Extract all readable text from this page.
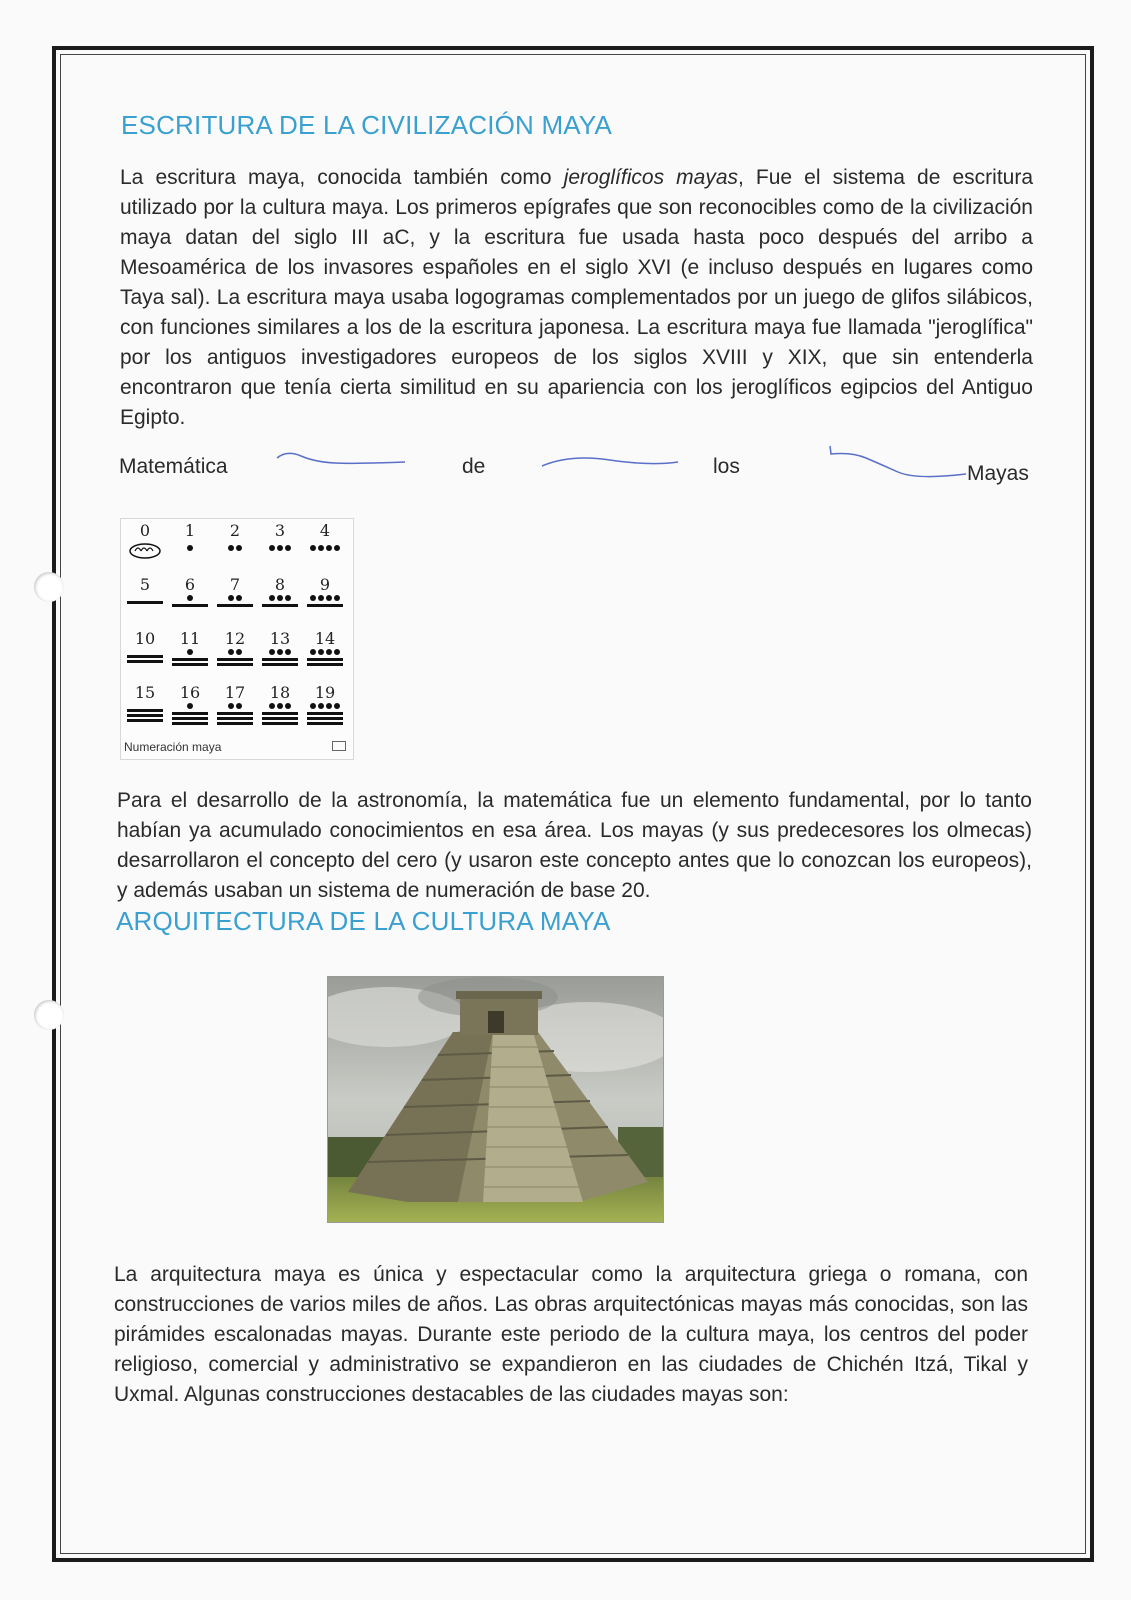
ESCRITURA DE LA CIVILIZACIÓN MAYA

La escritura maya, conocida también como jeroglíficos mayas, Fue el sistema de escritura utilizado por la cultura maya. Los primeros epígrafes que son reconocibles como de la civilización maya datan del siglo III aC, y la escritura fue usada hasta poco después del arribo a Mesoamérica de los invasores españoles en el siglo XVI (e incluso después en lugares como Taya sal). La escritura maya usaba logogramas complementados por un juego de glifos silábicos, con funciones similares a los de la escritura japonesa. La escritura maya fue llamada "jeroglífica" por los antiguos investigadores europeos de los siglos XVIII y XIX, que sin entenderla encontraron que tenía cierta similitud en su apariencia con los jeroglíficos egipcios del Antiguo Egipto.

Matemática	de	los	Mayas
0	1	2	3	4
5	6	7	8	9
10	11	12	13	14
15	16	17	18	19
Numeración maya

Para el desarrollo de la astronomía, la matemática fue un elemento fundamental, por lo tanto habían ya acumulado conocimientos en esa área. Los mayas (y sus predecesores los olmecas) desarrollaron el concepto del cero (y usaron este concepto antes que lo conozcan los europeos), y además usaban un sistema de numeración de base 20.

ARQUITECTURA DE LA CULTURA MAYA

La arquitectura maya es única y espectacular como la arquitectura griega o romana, con construcciones de varios miles de años. Las obras arquitectónicas mayas más conocidas, son las pirámides escalonadas mayas. Durante este periodo de la cultura maya, los centros del poder religioso, comercial y administrativo se expandieron en las ciudades de Chichén Itzá, Tikal y Uxmal. Algunas construcciones destacables de las ciudades mayas son:
